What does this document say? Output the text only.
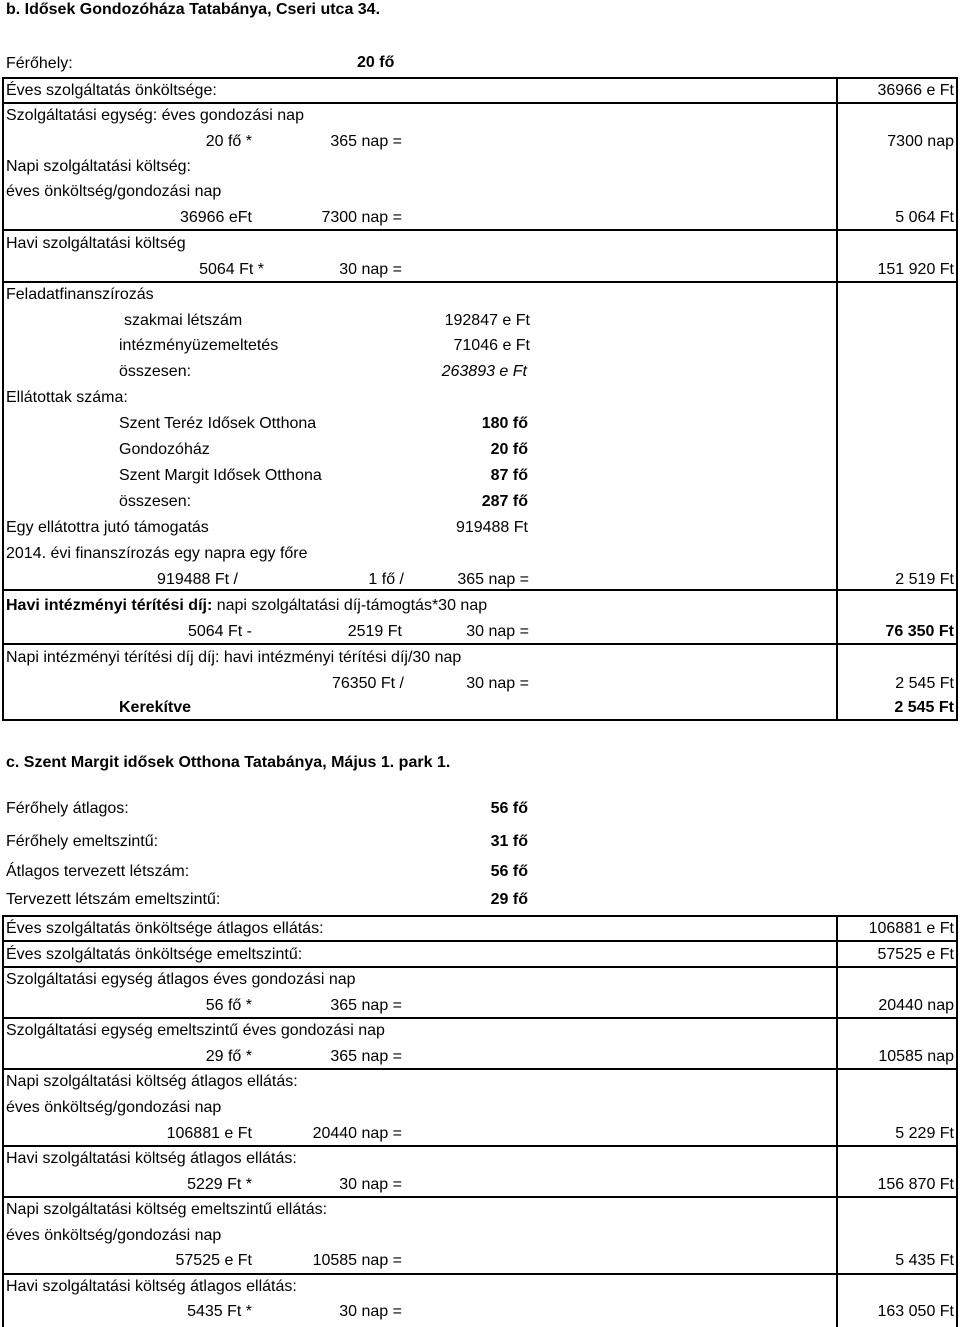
b. Idősek Gondozóháza Tatabánya, Cseri utca 34.
Férőhely:	20 fő
Éves szolgáltatás önköltsége:	36966 e Ft
Szolgáltatási egység: éves gondozási nap
20 fő *	365 nap =	7300 nap
Napi szolgáltatási költség:
éves önköltség/gondozási nap
36966 eFt	7300 nap =	5 064 Ft
Havi szolgáltatási költség
5064 Ft *	30 nap =	151 920 Ft
Feladatfinanszírozás
szakmai létszám	192847 e Ft
intézményüzemeltetés	71046 e Ft
összesen:	263893 e Ft
Ellátottak száma:
Szent Teréz Idősek Otthona	180 fő
Gondozóház	20 fő
Szent Margit Idősek Otthona	87 fő
összesen:	287 fő
Egy ellátottra jutó támogatás	919488 Ft
2014. évi finanszírozás egy napra egy főre
919488 Ft /	1 fő /	365 nap =	2 519 Ft
Havi intézményi térítési díj: napi szolgáltatási díj-támogtás*30 nap
5064 Ft -	2519 Ft	30 nap =	76 350 Ft
Napi intézményi térítési díj díj: havi intézményi térítési díj/30 nap
76350 Ft /	30 nap =	2 545 Ft
Kerekítve	2 545 Ft
c. Szent Margit idősek Otthona Tatabánya, Május 1. park 1.
Férőhely átlagos:	56 fő
Férőhely emeltszintű:	31 fő
Átlagos tervezett létszám:	56 fő
Tervezett létszám emeltszintű:	29 fő
Éves szolgáltatás önköltsége átlagos ellátás:	106881 e Ft
Éves szolgáltatás önköltsége emeltszintű:	57525 e Ft
Szolgáltatási egység átlagos éves gondozási nap
56 fő *	365 nap =	20440 nap
Szolgáltatási egység emeltszintű éves gondozási nap
29 fő *	365 nap =	10585 nap
Napi szolgáltatási költség átlagos ellátás:
éves önköltség/gondozási nap
106881 e Ft	20440 nap =	5 229 Ft
Havi szolgáltatási költség átlagos ellátás:
5229 Ft *	30 nap =	156 870 Ft
Napi szolgáltatási költség emeltszintű ellátás:
éves önköltség/gondozási nap
57525 e Ft	10585 nap =	5 435 Ft
Havi szolgáltatási költség átlagos ellátás:
5435 Ft *	30 nap =	163 050 Ft
